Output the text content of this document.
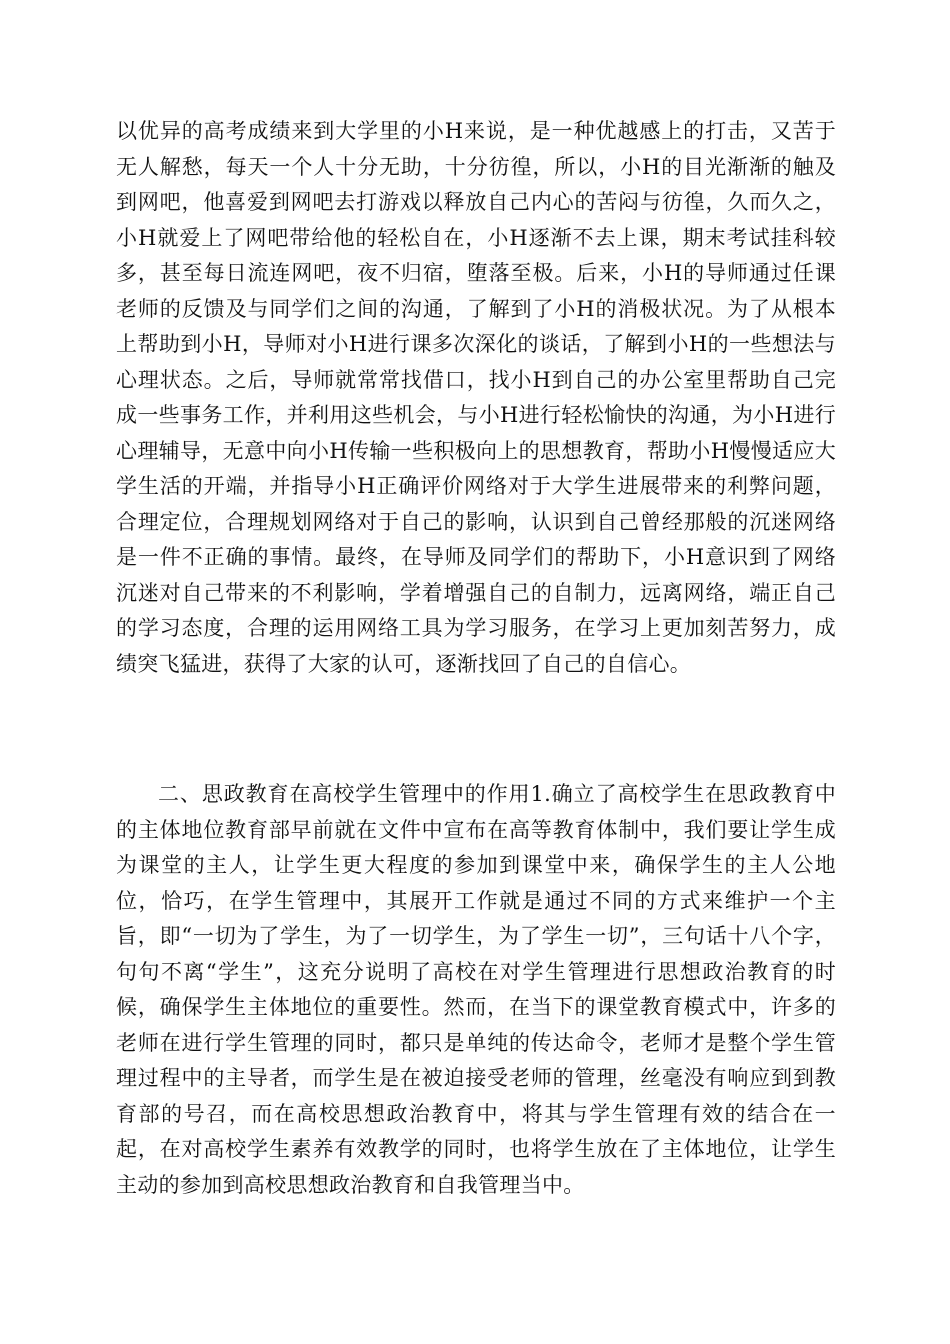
以优异的高考成绩来到大学里的小H来说，是一种优越感上的打击，又苦于无人解愁，每天一个人十分无助，十分彷徨，所以，小H的目光渐渐的触及到网吧，他喜爱到网吧去打游戏以释放自己内心的苦闷与彷徨，久而久之，小H就爱上了网吧带给他的轻松自在，小H逐渐不去上课，期末考试挂科较多，甚至每日流连网吧，夜不归宿，堕落至极。后来，小H的导师通过任课老师的反馈及与同学们之间的沟通，了解到了小H的消极状况。为了从根本上帮助到小H，导师对小H进行课多次深化的谈话，了解到小H的一些想法与心理状态。之后，导师就常常找借口，找小H到自己的办公室里帮助自己完成一些事务工作，并利用这些机会，与小H进行轻松愉快的沟通，为小H进行心理辅导，无意中向小H传输一些积极向上的思想教育，帮助小H慢慢适应大学生活的开端，并指导小H正确评价网络对于大学生进展带来的利弊问题，合理定位，合理规划网络对于自己的影响，认识到自己曾经那般的沉迷网络是一件不正确的事情。最终，在导师及同学们的帮助下，小H意识到了网络沉迷对自己带来的不利影响，学着增强自己的自制力，远离网络，端正自己的学习态度，合理的运用网络工具为学习服务，在学习上更加刻苦努力，成绩突飞猛进，获得了大家的认可，逐渐找回了自己的自信心。

二、思政教育在高校学生管理中的作用1.确立了高校学生在思政教育中的主体地位教育部早前就在文件中宣布在高等教育体制中，我们要让学生成为课堂的主人，让学生更大程度的参加到课堂中来，确保学生的主人公地位，恰巧，在学生管理中，其展开工作就是通过不同的方式来维护一个主旨，即“一切为了学生，为了一切学生，为了学生一切”，三句话十八个字，句句不离“学生”，这充分说明了高校在对学生管理进行思想政治教育的时候，确保学生主体地位的重要性。然而，在当下的课堂教育模式中，许多的老师在进行学生管理的同时，都只是单纯的传达命令，老师才是整个学生管理过程中的主导者，而学生是在被迫接受老师的管理，丝毫没有响应到到教育部的号召，而在高校思想政治教育中，将其与学生管理有效的结合在一起，在对高校学生素养有效教学的同时，也将学生放在了主体地位，让学生主动的参加到高校思想政治教育和自我管理当中。
